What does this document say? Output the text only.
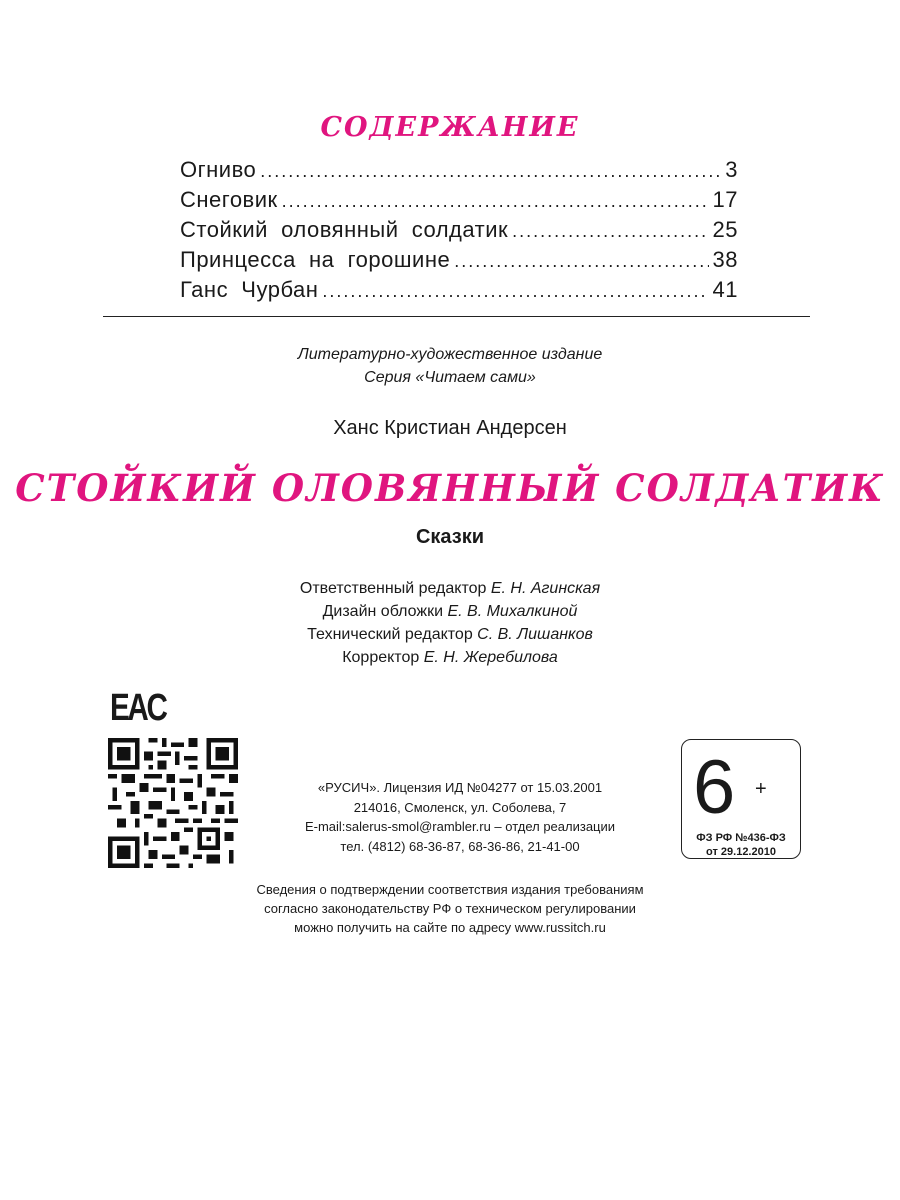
СОДЕРЖАНИЕ
Огниво .....	3
Снеговик .....	17
Стойкий  оловянный  солдатик .....	25
Принцесса  на  горошине .....	38
Ганс  Чурбан .....	41
Литературно-художественное издание
Серия «Читаем сами»
Ханс Кристиан Андерсен
СТОЙКИЙ ОЛОВЯННЫЙ СОЛДАТИК
Сказки
Ответственный редактор Е. Н. Агинская
Дизайн обложки Е. В. Михалкиной
Технический редактор С. В. Лишанков
Корректор Е. Н. Жеребилова
EAC
«РУСИЧ». Лицензия ИД №04277 от 15.03.2001
214016, Смоленск, ул. Соболева, 7
E-mail:salerus-smol@rambler.ru – отдел реализации
тел. (4812) 68-36-87, 68-36-86, 21-41-00
6 +
ФЗ РФ №436-ФЗ
от 29.12.2010
Сведения о подтверждении соответствия издания требованиям
согласно законодательству РФ о техническом регулировании
можно получить на сайте по адресу www.russitch.ru
